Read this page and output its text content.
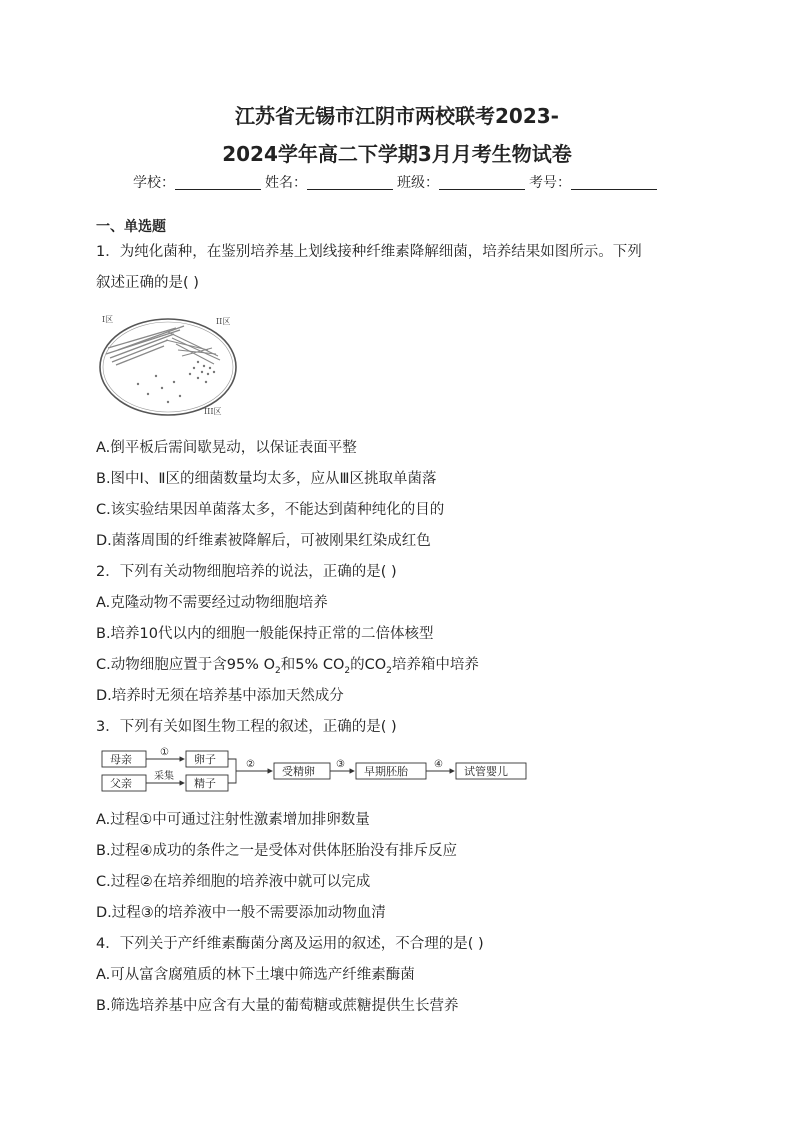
江苏省无锡市江阴市两校联考2023-
2024学年高二下学期3月月考生物试卷
学校：	姓名：	班级：	考号：
一、单选题
1．为纯化菌种，在鉴别培养基上划线接种纤维素降解细菌，培养结果如图所示。下列
叙述正确的是( )
I区	II区
III区
A.倒平板后需间歇晃动，以保证表面平整
B.图中Ⅰ、Ⅱ区的细菌数量均太多，应从Ⅲ区挑取单菌落
C.该实验结果因单菌落太多，不能达到菌种纯化的目的
D.菌落周围的纤维素被降解后，可被刚果红染成红色
2．下列有关动物细胞培养的说法，正确的是( )
A.克隆动物不需要经过动物细胞培养
B.培养10代以内的细胞一般能保持正常的二倍体核型
C.动物细胞应置于含95% $O_2$和5% $CO_2$的$CO_2$培养箱中培养
D.培养时无须在培养基中添加天然成分
3．下列有关如图生物工程的叙述，正确的是( )
母亲
父亲
①
采集
卵子
精子
②
受精卵
③
早期胚胎
④
试管婴儿
A.过程①中可通过注射性激素增加排卵数量
B.过程④成功的条件之一是受体对供体胚胎没有排斥反应
C.过程②在培养细胞的培养液中就可以完成
D.过程③的培养液中一般不需要添加动物血清
4．下列关于产纤维素酶菌分离及运用的叙述，不合理的是( )
A.可从富含腐殖质的林下土壤中筛选产纤维素酶菌
B.筛选培养基中应含有大量的葡萄糖或蔗糖提供生长营养
